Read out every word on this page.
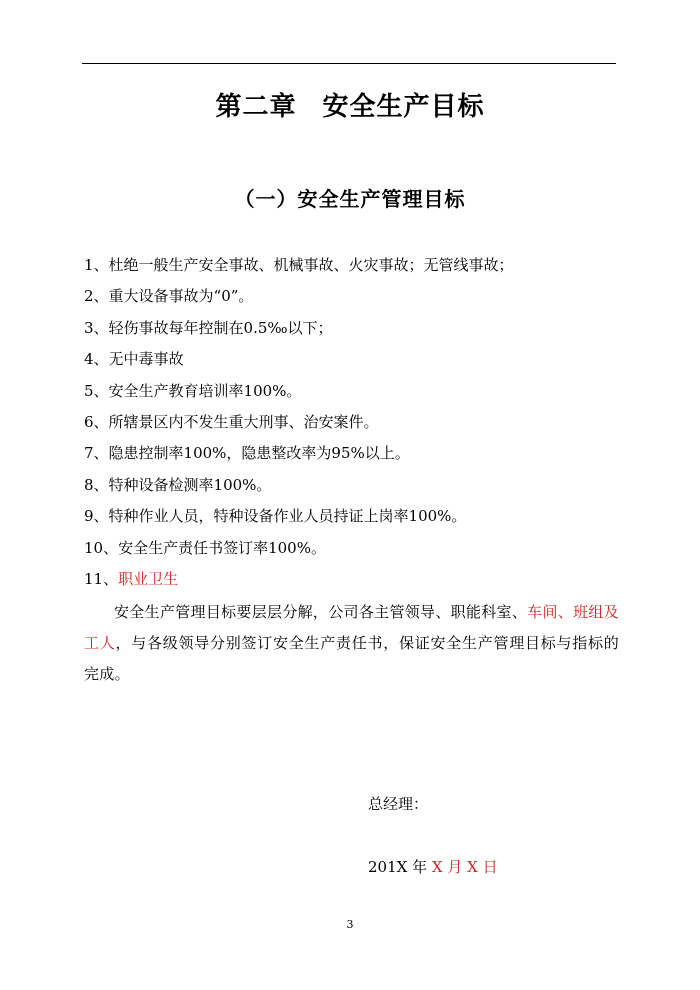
第二章 安全生产目标
（一）安全生产管理目标
1、杜绝一般生产安全事故、机械事故、火灾事故；无管线事故；
2、重大设备事故为“0”。
3、轻伤事故每年控制在0.5‰以下；
4、无中毒事故
5、安全生产教育培训率100%。
6、所辖景区内不发生重大刑事、治安案件。
7、隐患控制率100%，隐患整改率为95%以上。
8、特种设备检测率100%。
9、特种作业人员，特种设备作业人员持证上岗率100%。
10、安全生产责任书签订率100%。
11、职业卫生

安全生产管理目标要层层分解，公司各主管领导、职能科室、车间、班组及工人，与各级领导分别签订安全生产责任书，保证安全生产管理目标与指标的完成。

总经理：
201X 年 X 月 X 日
3
